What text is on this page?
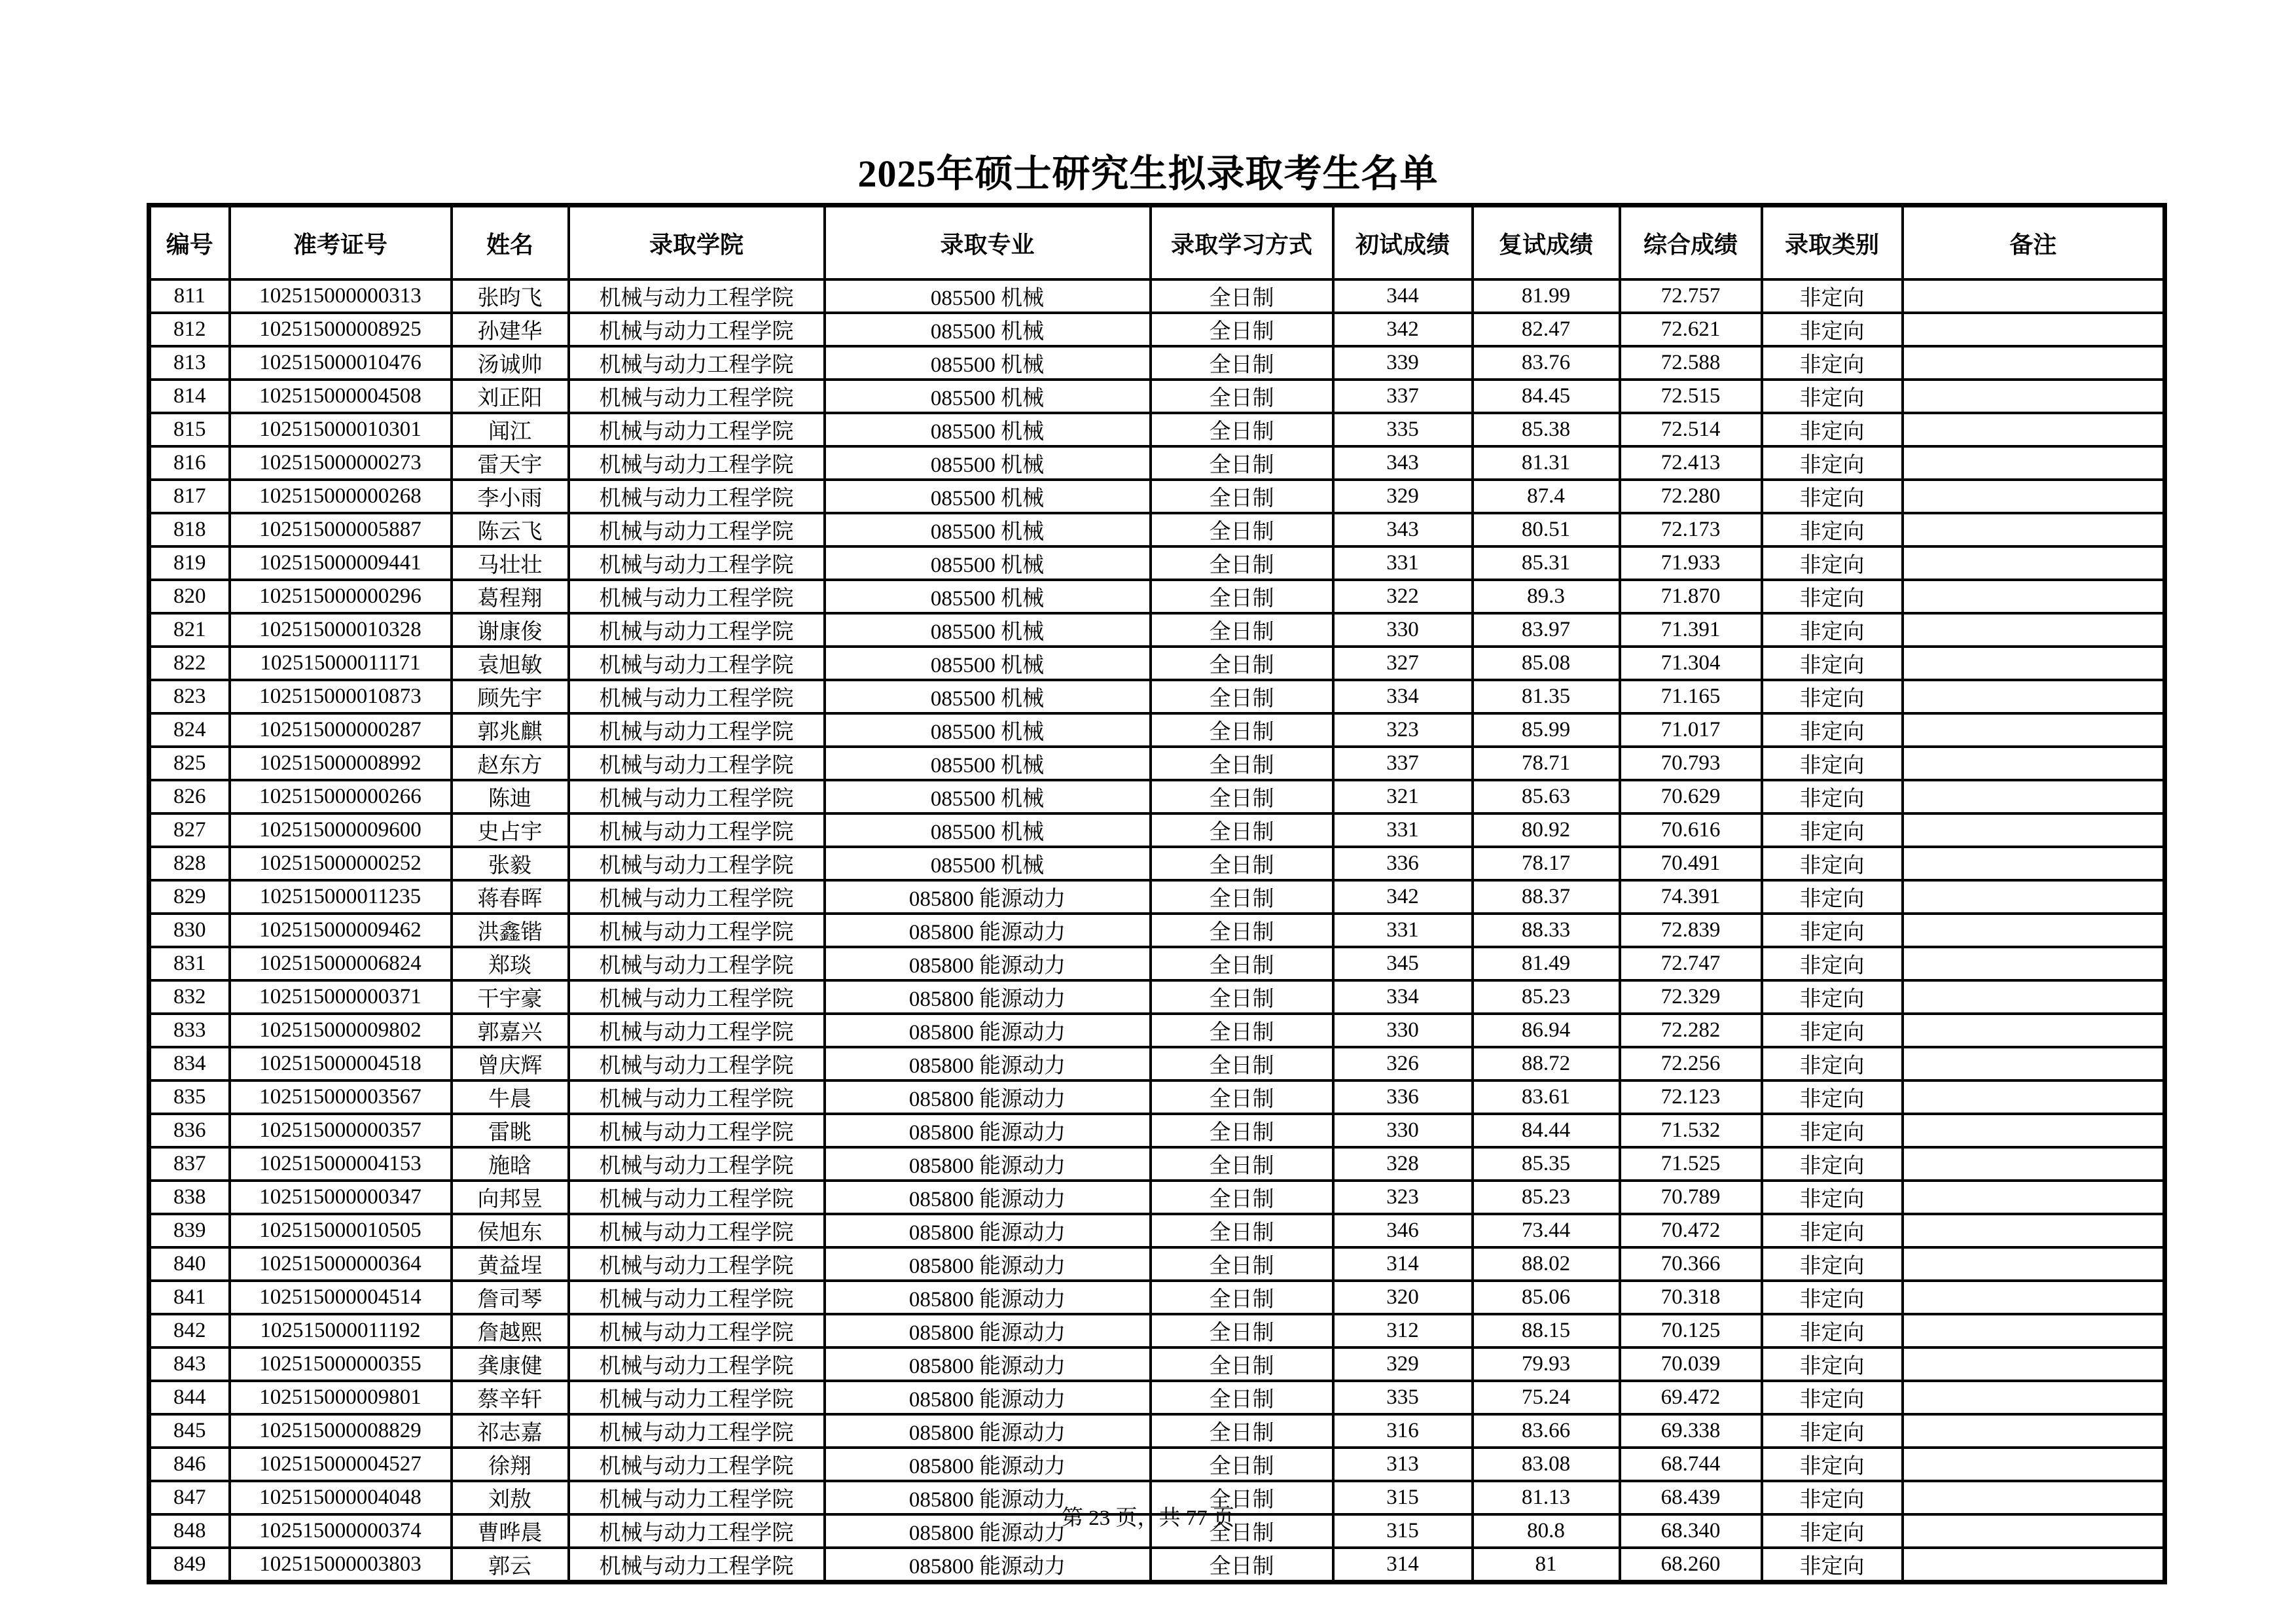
2025年硕士研究生拟录取考生名单
编号	准考证号	姓名	录取学院	录取专业	录取学习方式	初试成绩	复试成绩	综合成绩	录取类别	备注
811	102515000000313	张昀飞	机械与动力工程学院	085500 机械	全日制	344	81.99	72.757	非定向	
812	102515000008925	孙建华	机械与动力工程学院	085500 机械	全日制	342	82.47	72.621	非定向	
813	102515000010476	汤诚帅	机械与动力工程学院	085500 机械	全日制	339	83.76	72.588	非定向	
814	102515000004508	刘正阳	机械与动力工程学院	085500 机械	全日制	337	84.45	72.515	非定向	
815	102515000010301	闻江	机械与动力工程学院	085500 机械	全日制	335	85.38	72.514	非定向	
816	102515000000273	雷天宇	机械与动力工程学院	085500 机械	全日制	343	81.31	72.413	非定向	
817	102515000000268	李小雨	机械与动力工程学院	085500 机械	全日制	329	87.4	72.280	非定向	
818	102515000005887	陈云飞	机械与动力工程学院	085500 机械	全日制	343	80.51	72.173	非定向	
819	102515000009441	马壮壮	机械与动力工程学院	085500 机械	全日制	331	85.31	71.933	非定向	
820	102515000000296	葛程翔	机械与动力工程学院	085500 机械	全日制	322	89.3	71.870	非定向	
821	102515000010328	谢康俊	机械与动力工程学院	085500 机械	全日制	330	83.97	71.391	非定向	
822	102515000011171	袁旭敏	机械与动力工程学院	085500 机械	全日制	327	85.08	71.304	非定向	
823	102515000010873	顾先宇	机械与动力工程学院	085500 机械	全日制	334	81.35	71.165	非定向	
824	102515000000287	郭兆麒	机械与动力工程学院	085500 机械	全日制	323	85.99	71.017	非定向	
825	102515000008992	赵东方	机械与动力工程学院	085500 机械	全日制	337	78.71	70.793	非定向	
826	102515000000266	陈迪	机械与动力工程学院	085500 机械	全日制	321	85.63	70.629	非定向	
827	102515000009600	史占宇	机械与动力工程学院	085500 机械	全日制	331	80.92	70.616	非定向	
828	102515000000252	张毅	机械与动力工程学院	085500 机械	全日制	336	78.17	70.491	非定向	
829	102515000011235	蒋春晖	机械与动力工程学院	085800 能源动力	全日制	342	88.37	74.391	非定向	
830	102515000009462	洪鑫锴	机械与动力工程学院	085800 能源动力	全日制	331	88.33	72.839	非定向	
831	102515000006824	郑琰	机械与动力工程学院	085800 能源动力	全日制	345	81.49	72.747	非定向	
832	102515000000371	干宇豪	机械与动力工程学院	085800 能源动力	全日制	334	85.23	72.329	非定向	
833	102515000009802	郭嘉兴	机械与动力工程学院	085800 能源动力	全日制	330	86.94	72.282	非定向	
834	102515000004518	曾庆辉	机械与动力工程学院	085800 能源动力	全日制	326	88.72	72.256	非定向	
835	102515000003567	牛晨	机械与动力工程学院	085800 能源动力	全日制	336	83.61	72.123	非定向	
836	102515000000357	雷眺	机械与动力工程学院	085800 能源动力	全日制	330	84.44	71.532	非定向	
837	102515000004153	施晗	机械与动力工程学院	085800 能源动力	全日制	328	85.35	71.525	非定向	
838	102515000000347	向邦昱	机械与动力工程学院	085800 能源动力	全日制	323	85.23	70.789	非定向	
839	102515000010505	侯旭东	机械与动力工程学院	085800 能源动力	全日制	346	73.44	70.472	非定向	
840	102515000000364	黄益埕	机械与动力工程学院	085800 能源动力	全日制	314	88.02	70.366	非定向	
841	102515000004514	詹司琴	机械与动力工程学院	085800 能源动力	全日制	320	85.06	70.318	非定向	
842	102515000011192	詹越熙	机械与动力工程学院	085800 能源动力	全日制	312	88.15	70.125	非定向	
843	102515000000355	龚康健	机械与动力工程学院	085800 能源动力	全日制	329	79.93	70.039	非定向	
844	102515000009801	蔡辛轩	机械与动力工程学院	085800 能源动力	全日制	335	75.24	69.472	非定向	
845	102515000008829	祁志嘉	机械与动力工程学院	085800 能源动力	全日制	316	83.66	69.338	非定向	
846	102515000004527	徐翔	机械与动力工程学院	085800 能源动力	全日制	313	83.08	68.744	非定向	
847	102515000004048	刘敖	机械与动力工程学院	085800 能源动力	全日制	315	81.13	68.439	非定向	
848	102515000000374	曹晔晨	机械与动力工程学院	085800 能源动力	全日制	315	80.8	68.340	非定向	
849	102515000003803	郭云	机械与动力工程学院	085800 能源动力	全日制	314	81	68.260	非定向	
第 23 页，共 77 页
